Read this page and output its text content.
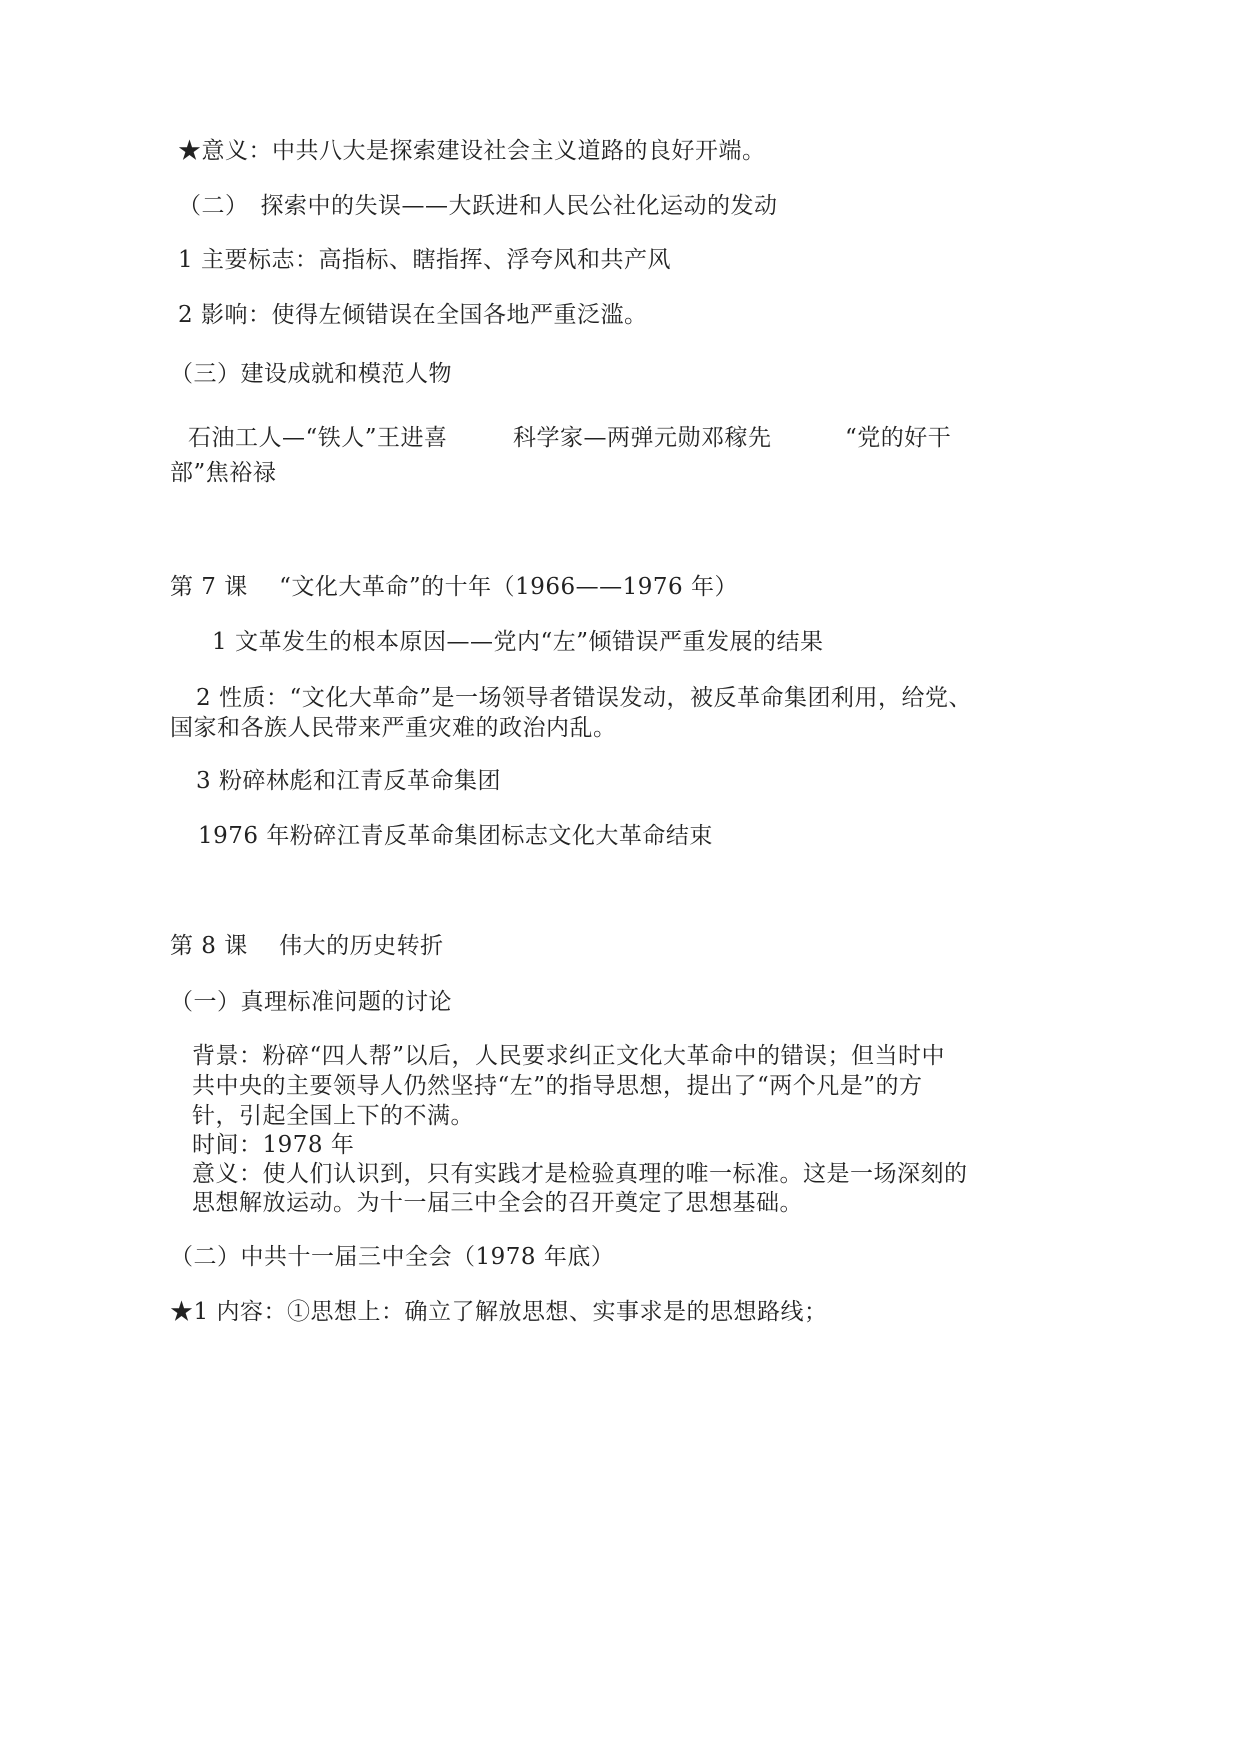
★意义：中共八大是探索建设社会主义道路的良好开端。
（二）　探索中的失误——大跃进和人民公社化运动的发动
1 主要标志：高指标、瞎指挥、浮夸风和共产风
2 影响：使得左倾错误在全国各地严重泛滥。
（三）建设成就和模范人物
石油工人—“铁人”王进喜	科学家—两弹元勋邓稼先	“党的好干
部”焦裕禄
第 7 课　 “文化大革命”的十年（1966——1976 年）
1 文革发生的根本原因——党内“左”倾错误严重发展的结果
2 性质：“文化大革命”是一场领导者错误发动，被反革命集团利用，给党、
国家和各族人民带来严重灾难的政治内乱。
3 粉碎林彪和江青反革命集团
1976 年粉碎江青反革命集团标志文化大革命结束
第 8 课　 伟大的历史转折
（一）真理标准问题的讨论
背景：粉碎“四人帮”以后，人民要求纠正文化大革命中的错误；但当时中
共中央的主要领导人仍然坚持“左”的指导思想，提出了“两个凡是”的方
针，引起全国上下的不满。
时间：1978 年
意义：使人们认识到，只有实践才是检验真理的唯一标准。这是一场深刻的
思想解放运动。为十一届三中全会的召开奠定了思想基础。
（二）中共十一届三中全会（1978 年底）
★1 内容：①思想上：确立了解放思想、实事求是的思想路线；
